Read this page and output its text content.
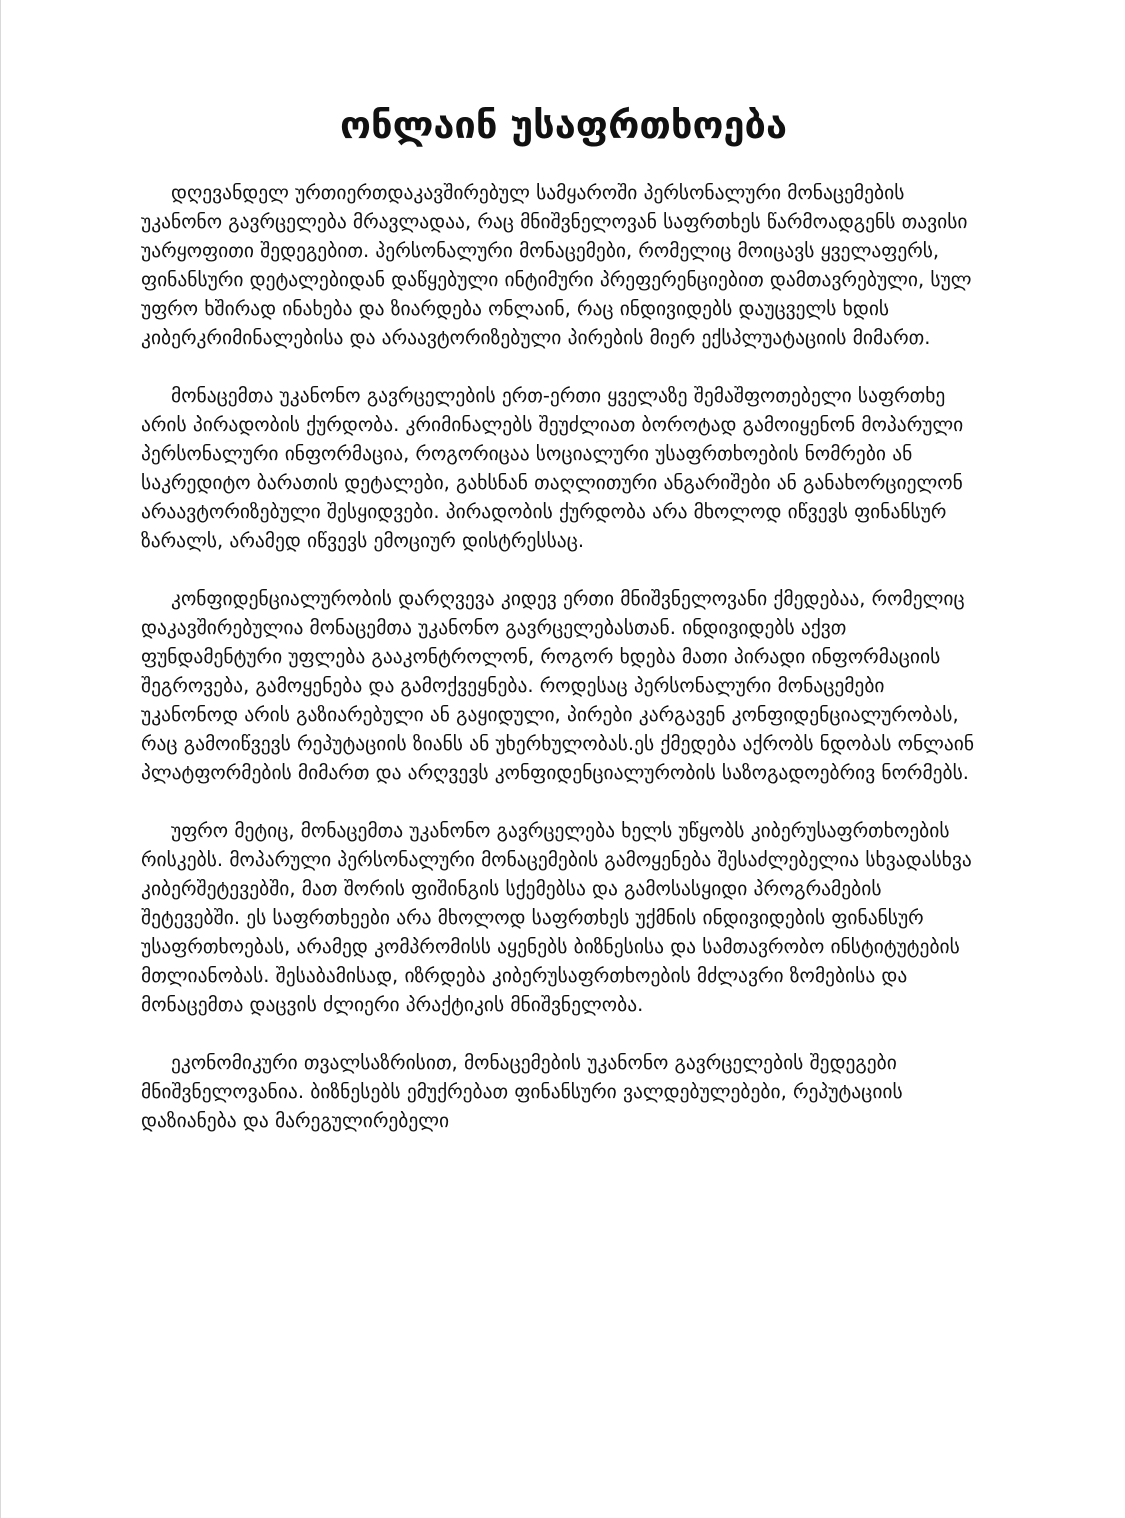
ონლაინ უსაფრთხოება

დღევანდელ ურთიერთდაკავშირებულ სამყაროში პერსონალური მონაცემების უკანონო გავრცელება მრავლადაა, რაც მნიშვნელოვან საფრთხეს წარმოადგენს თავისი უარყოფითი შედეგებით. პერსონალური მონაცემები, რომელიც მოიცავს ყველაფერს, ფინანსური დეტალებიდან დაწყებული ინტიმური პრეფერენციებით დამთავრებული, სულ უფრო ხშირად ინახება და ზიარდება ონლაინ, რაც ინდივიდებს დაუცველს ხდის კიბერკრიმინალებისა და არაავტორიზებული პირების მიერ ექსპლუატაციის მიმართ.

მონაცემთა უკანონო გავრცელების ერთ-ერთი ყველაზე შემაშფოთებელი საფრთხე არის პირადობის ქურდობა. კრიმინალებს შეუძლიათ ბოროტად გამოიყენონ მოპარული პერსონალური ინფორმაცია, როგორიცაა სოციალური უსაფრთხოების ნომრები ან საკრედიტო ბარათის დეტალები, გახსნან თაღლითური ანგარიშები ან განახორციელონ არაავტორიზებული შესყიდვები. პირადობის ქურდობა არა მხოლოდ იწვევს ფინანსურ ზარალს, არამედ იწვევს ემოციურ დისტრესსაც.

კონფიდენციალურობის დარღვევა კიდევ ერთი მნიშვნელოვანი ქმედებაა, რომელიც დაკავშირებულია მონაცემთა უკანონო გავრცელებასთან. ინდივიდებს აქვთ ფუნდამენტური უფლება გააკონტროლონ, როგორ ხდება მათი პირადი ინფორმაციის შეგროვება, გამოყენება და გამოქვეყნება. როდესაც პერსონალური მონაცემები უკანონოდ არის გაზიარებული ან გაყიდული, პირები კარგავენ კონფიდენციალურობას, რაც გამოიწვევს რეპუტაციის ზიანს ან უხერხულობას.ეს ქმედება აქრობს ნდობას ონლაინ პლატფორმების მიმართ და არღვევს კონფიდენციალურობის საზოგადოებრივ ნორმებს.

უფრო მეტიც, მონაცემთა უკანონო გავრცელება ხელს უწყობს კიბერუსაფრთხოების რისკებს. მოპარული პერსონალური მონაცემების გამოყენება შესაძლებელია სხვადასხვა კიბერშეტევებში, მათ შორის ფიშინგის სქემებსა და გამოსასყიდი პროგრამების შეტევებში. ეს საფრთხეები არა მხოლოდ საფრთხეს უქმნის ინდივიდების ფინანსურ უსაფრთხოებას, არამედ კომპრომისს აყენებს ბიზნესისა და სამთავრობო ინსტიტუტების მთლიანობას. შესაბამისად, იზრდება კიბერუსაფრთხოების მძლავრი ზომებისა და მონაცემთა დაცვის ძლიერი პრაქტიკის მნიშვნელობა.

ეკონომიკური თვალსაზრისით, მონაცემების უკანონო გავრცელების შედეგები მნიშვნელოვანია. ბიზნესებს ემუქრებათ ფინანსური ვალდებულებები, რეპუტაციის დაზიანება და მარეგულირებელი
